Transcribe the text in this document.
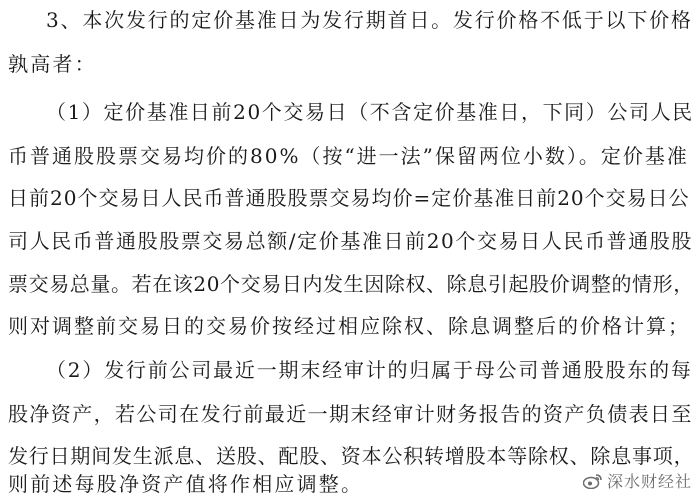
3、本次发行的定价基准日为发行期首日。发行价格不低于以下价格
孰高者：
（1）定价基准日前20个交易日（不含定价基准日，下同）公司人民
币普通股股票交易均价的80%（按“进一法”保留两位小数）。定价基准
日前20个交易日人民币普通股股票交易均价=定价基准日前20个交易日公
司人民币普通股股票交易总额/定价基准日前20个交易日人民币普通股股
票交易总量。若在该20个交易日内发生因除权、除息引起股价调整的情形，
则对调整前交易日的交易价按经过相应除权、除息调整后的价格计算；
（2）发行前公司最近一期末经审计的归属于母公司普通股股东的每
股净资产，若公司在发行前最近一期末经审计财务报告的资产负债表日至
发行日期间发生派息、送股、配股、资本公积转增股本等除权、除息事项，
则前述每股净资产值将作相应调整。	深水财经社
